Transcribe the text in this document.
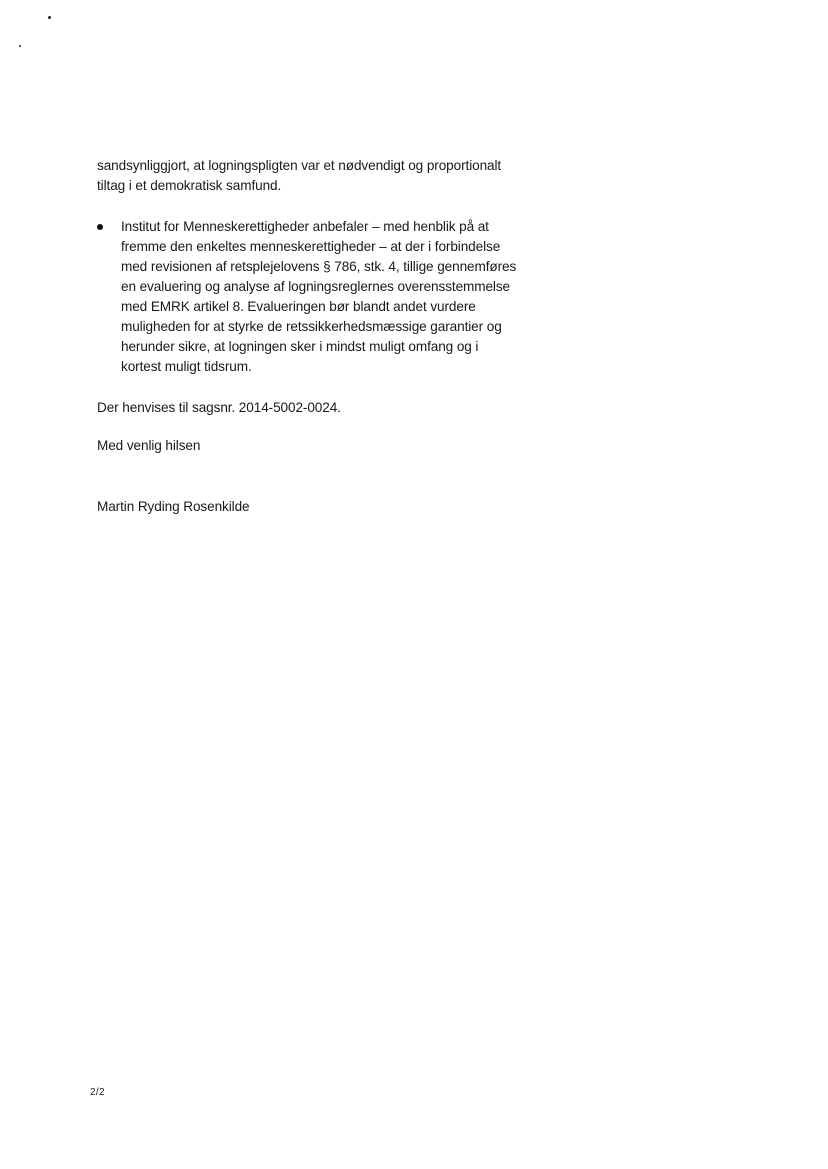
sandsynliggjort, at logningspligten var et nødvendigt og proportionalt
tiltag i et demokratisk samfund.
Institut for Menneskerettigheder anbefaler – med henblik på at
fremme den enkeltes menneskerettigheder – at der i forbindelse
med revisionen af retsplejelovens § 786, stk. 4, tillige gennemføres
en evaluering og analyse af logningsreglernes overensstemmelse
med EMRK artikel 8. Evalueringen bør blandt andet vurdere
muligheden for at styrke de retssikkerhedsmæssige garantier og
herunder sikre, at logningen sker i mindst muligt omfang og i
kortest muligt tidsrum.
Der henvises til sagsnr. 2014-5002-0024.
Med venlig hilsen
Martin Ryding Rosenkilde
2/2
